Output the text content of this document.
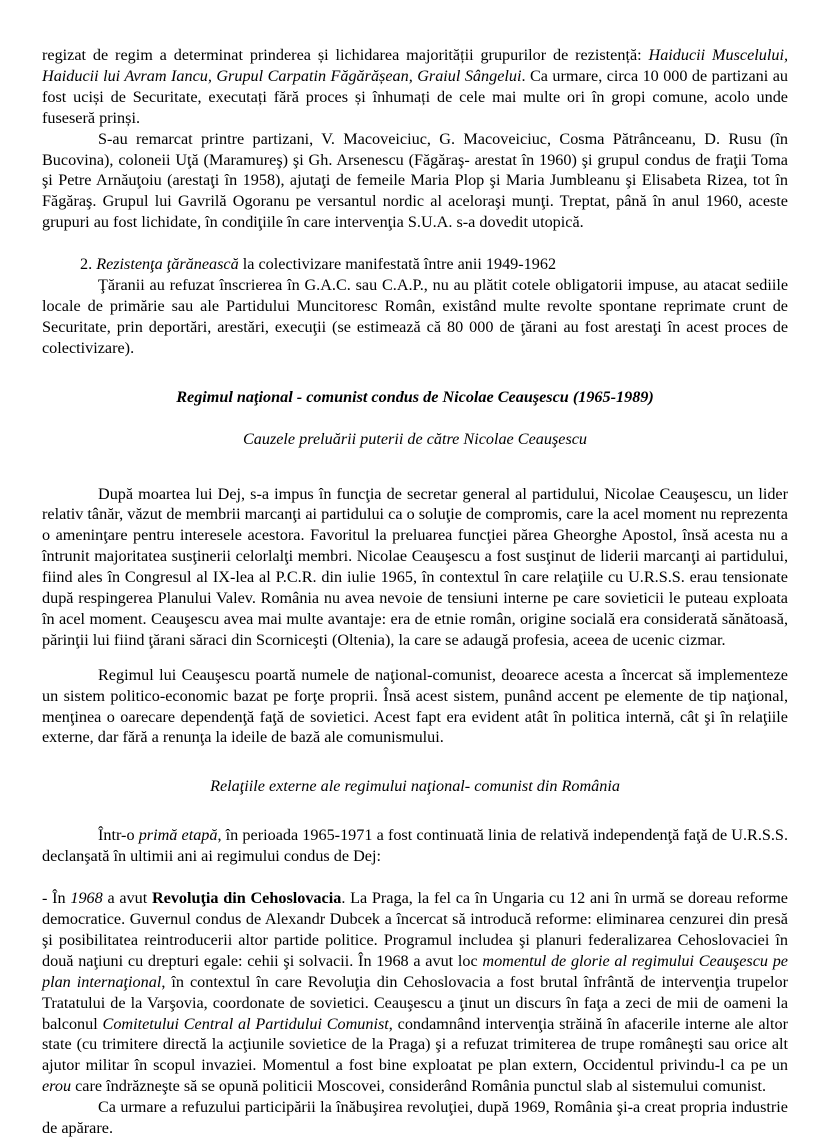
regizat de regim a determinat prinderea și lichidarea majorității grupurilor de rezistență: Haiducii Muscelului, Haiducii lui Avram Iancu, Grupul Carpatin Făgărășean, Graiul Sângelui. Ca urmare, circa 10 000 de partizani au fost uciși de Securitate, executați fără proces și înhumați de cele mai multe ori în gropi comune, acolo unde fuseseră prinși.

S-au remarcat printre partizani, V. Macoveiciuc, G. Macoveiciuc, Cosma Pătrânceanu, D. Rusu (în Bucovina), coloneii Uţă (Maramureş) şi Gh. Arsenescu (Făgăraş- arestat în 1960) şi grupul condus de fraţii Toma şi Petre Arnăuţoiu (arestaţi în 1958), ajutaţi de femeile Maria Plop şi Maria Jumbleanu şi Elisabeta Rizea, tot în Făgăraş. Grupul lui Gavrilă Ogoranu pe versantul nordic al aceloraşi munţi. Treptat, până în anul 1960, aceste grupuri au fost lichidate, în condiţiile în care intervenţia S.U.A. s-a dovedit utopică.

2. Rezistenţa ţărănească la colectivizare manifestată între anii 1949-1962

Ţăranii au refuzat înscrierea în G.A.C. sau C.A.P., nu au plătit cotele obligatorii impuse, au atacat sediile locale de primărie sau ale Partidului Muncitoresc Român, existând multe revolte spontane reprimate crunt de Securitate, prin deportări, arestări, execuţii (se estimează că 80 000 de ţărani au fost arestaţi în acest proces de colectivizare).

Regimul naţional - comunist condus de Nicolae Ceauşescu (1965-1989)

Cauzele preluării puterii de către Nicolae Ceauşescu

După moartea lui Dej, s-a impus în funcţia de secretar general al partidului, Nicolae Ceauşescu, un lider relativ tânăr, văzut de membrii marcanţi ai partidului ca o soluţie de compromis, care la acel moment nu reprezenta o ameninţare pentru interesele acestora. Favoritul la preluarea funcţiei părea Gheorghe Apostol, însă acesta nu a întrunit majoritatea susţinerii celorlalţi membri. Nicolae Ceauşescu a fost susţinut de liderii marcanţi ai partidului, fiind ales în Congresul al IX-lea al P.C.R. din iulie 1965, în contextul în care relaţiile cu U.R.S.S. erau tensionate după respingerea Planului Valev. România nu avea nevoie de tensiuni interne pe care sovieticii le puteau exploata în acel moment. Ceauşescu avea mai multe avantaje: era de etnie român, origine socială era considerată sănătoasă, părinţii lui fiind ţărani săraci din Scorniceşti (Oltenia), la care se adaugă profesia, aceea de ucenic cizmar.

Regimul lui Ceauşescu poartă numele de naţional-comunist, deoarece acesta a încercat să implementeze un sistem politico-economic bazat pe forţe proprii. Însă acest sistem, punând accent pe elemente de tip naţional, menţinea o oarecare dependenţă faţă de sovietici. Acest fapt era evident atât în politica internă, cât şi în relaţiile externe, dar fără a renunţa la ideile de bază ale comunismului.

Relaţiile externe ale regimului naţional- comunist din România

Într-o primă etapă, în perioada 1965-1971 a fost continuată linia de relativă independenţă faţă de U.R.S.S. declanşată în ultimii ani ai regimului condus de Dej:

- În 1968 a avut Revoluţia din Cehoslovacia. La Praga, la fel ca în Ungaria cu 12 ani în urmă se doreau reforme democratice. Guvernul condus de Alexandr Dubcek a încercat să introducă reforme: eliminarea cenzurei din presă şi posibilitatea reintroducerii altor partide politice. Programul includea şi planuri federalizarea Cehoslovaciei în două naţiuni cu drepturi egale: cehii şi solvacii. În 1968 a avut loc momentul de glorie al regimului Ceauşescu pe plan internaţional, în contextul în care Revoluţia din Cehoslovacia a fost brutal înfrântă de intervenţia trupelor Tratatului de la Varşovia, coordonate de sovietici. Ceauşescu a ţinut un discurs în faţa a zeci de mii de oameni la balconul Comitetului Central al Partidului Comunist, condamnând intervenţia străină în afacerile interne ale altor state (cu trimitere directă la acţiunile sovietice de la Praga) şi a refuzat trimiterea de trupe româneşti sau orice alt ajutor militar în scopul invaziei. Momentul a fost bine exploatat pe plan extern, Occidentul privindu-l ca pe un erou care îndrăzneşte să se opună politicii Moscovei, considerând România punctul slab al sistemului comunist.

Ca urmare a refuzului participării la înăbuşirea revoluţiei, după 1969, România şi-a creat propria industrie de apărare.
